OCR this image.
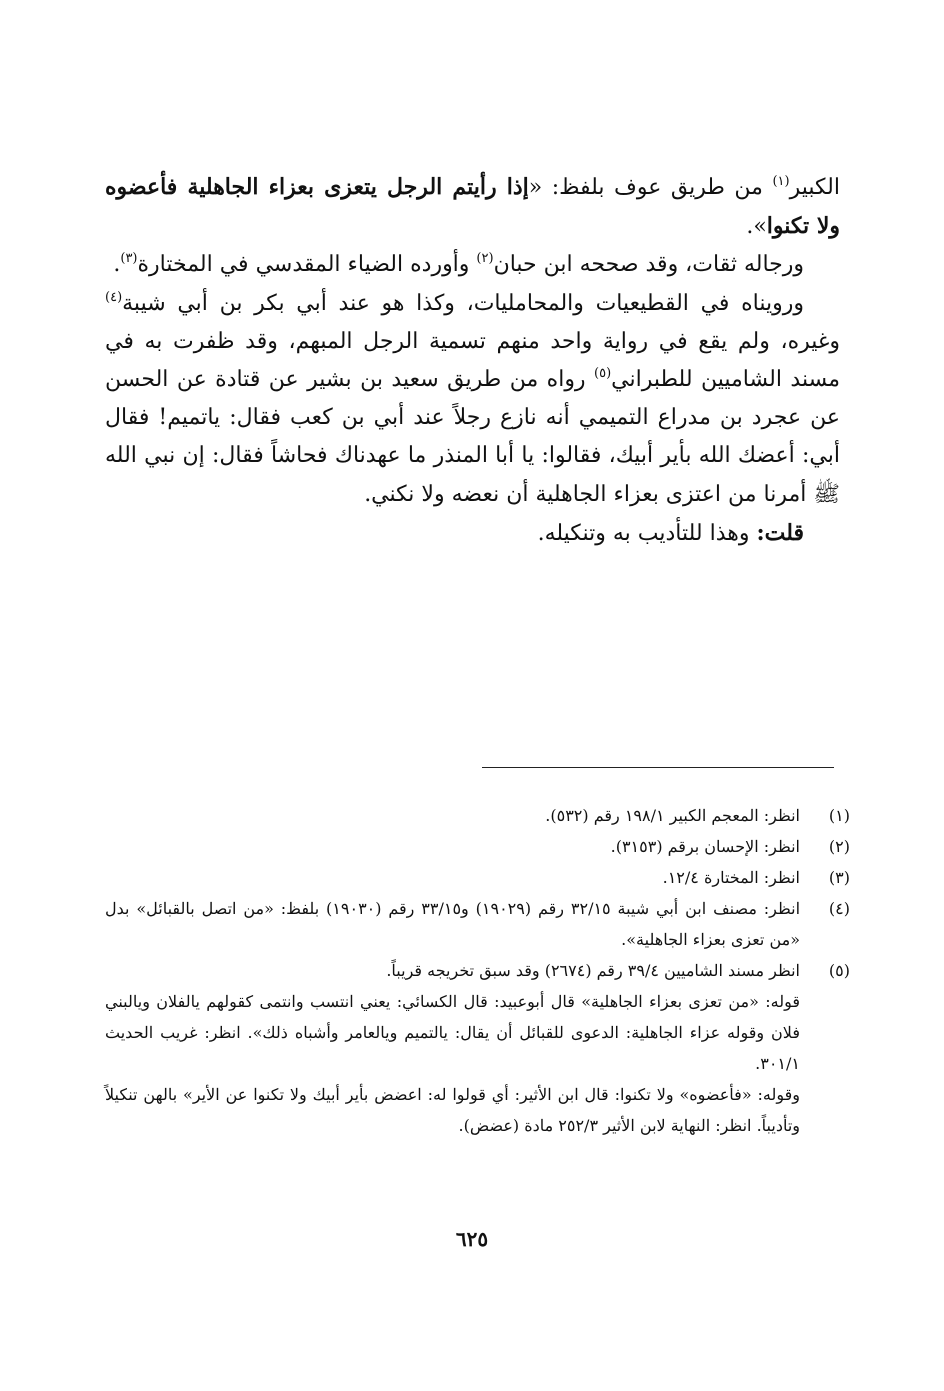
الكبير$^{(١)}$ من طريق عوف بلفظ: «إذا رأيتم الرجل يتعزى بعزاء الجاهلية فأعضوه ولا تكنوا».

ورجاله ثقات، وقد صححه ابن حبان$^{(٢)}$ وأورده الضياء المقدسي في المختارة$^{(٣)}$.

ورويناه في القطيعيات والمحامليات، وكذا هو عند أبي بكر بن أبي شيبة$^{(٤)}$ وغيره، ولم يقع في رواية واحد منهم تسمية الرجل المبهم، وقد ظفرت به في مسند الشاميين للطبراني$^{(٥)}$ رواه من طريق سعيد بن بشير عن قتادة عن الحسن عن عجرد بن مدراع التميمي أنه نازع رجلاً عند أبي بن كعب فقال: ياتميم! فقال أبي: أعضك الله بأير أبيك، فقالوا: يا أبا المنذر ما عهدناك فحاشاً فقال: إن نبي الله ﷺ أمرنا من اعتزى بعزاء الجاهلية أن نعضه ولا نكني.

قلت: وهذا للتأديب به وتنكيله.

(١)
انظر: المعجم الكبير ١٩٨/١ رقم (٥٣٢).
(٢)
انظر: الإحسان برقم (٣١٥٣).
(٣)
انظر: المختارة ١٢/٤.
(٤)
انظر: مصنف ابن أبي شيبة ٣٢/١٥ رقم (١٩٠٢٩) و٣٣/١٥ رقم (١٩٠٣٠) بلفظ: «من اتصل بالقبائل» بدل «من تعزى بعزاء الجاهلية».
(٥)
انظر مسند الشاميين ٣٩/٤ رقم (٢٦٧٤) وقد سبق تخريجه قريباً.
قوله: «من تعزى بعزاء الجاهلية» قال أبوعبيد: قال الكسائي: يعني انتسب وانتمى كقولهم يالفلان ويالبني فلان وقوله عزاء الجاهلية: الدعوى للقبائل أن يقال: يالتميم ويالعامر وأشباه ذلك». انظر: غريب الحديث ٣٠١/١.
وقوله: «فأعضوه» ولا تكنوا: قال ابن الأثير: أي قولوا له: اعضض بأير أبيك ولا تكنوا عن الأير» بالهن تنكيلاً وتأديباً. انظر: النهاية لابن الأثير ٢٥٢/٣ مادة (عضض).
٦٢٥
